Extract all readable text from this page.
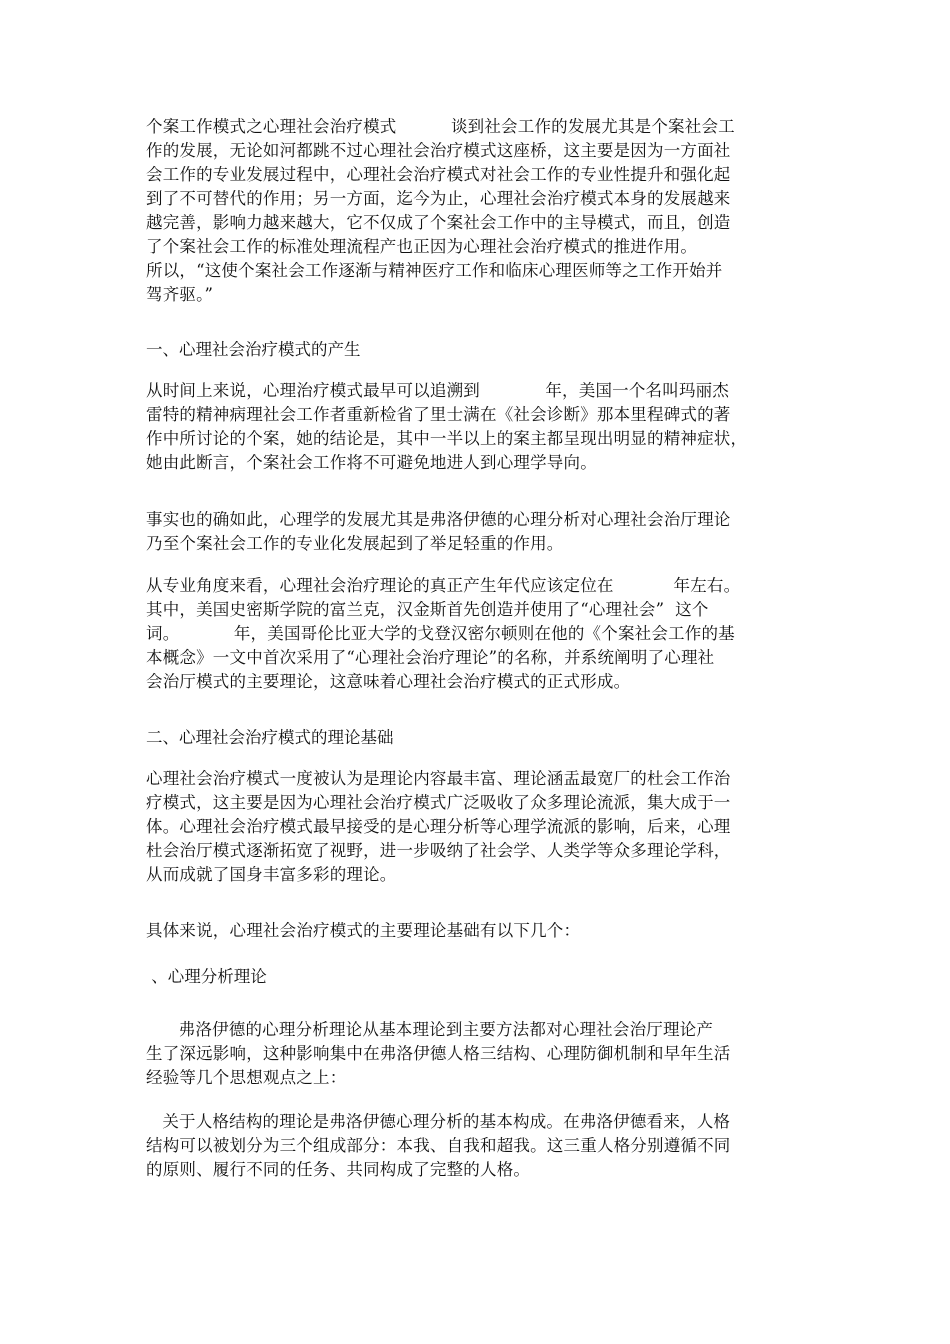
个案工作模式之心理社会治疗模式          谈到社会工作的发展尤其是个案社会工
作的发展，无论如河都跳不过心理社会治疗模式这座桥，这主要是因为一方面社
会工作的专业发展过程中，心理社会治疗模式对社会工作的专业性提升和强化起
到了不可替代的作用；另一方面，迄今为止，心理社会治疗模式本身的发展越来
越完善，影响力越来越大，它不仅成了个案社会工作中的主导模式，而且，创造
了个案社会工作的标准处理流程产也正因为心理社会治疗模式的推进作用。
所以，“这使个案社会工作逐渐与精神医疗工作和临床心理医师等之工作开始并
驾齐驱。”
一、心理社会治疗模式的产生
从时间上来说，心理治疗模式最早可以追溯到            年，美国一个名叫玛丽杰
雷特的精神病理社会工作者重新检省了里士满在《社会诊断》那本里程碑式的著
作中所讨论的个案，她的结论是，其中一半以上的案主都呈现出明显的精神症状，
她由此断言，个案社会工作将不可避免地进人到心理学导向。
事实也的确如此，心理学的发展尤其是弗洛伊德的心理分析对心理社会治厅理论
乃至个案社会工作的专业化发展起到了举足轻重的作用。
从专业角度来看，心理社会治疗理论的真正产生年代应该定位在           年左右。
其中，美国史密斯学院的富兰克，汉金斯首先创造并使用了“心理社会”  这个
词。          年，美国哥伦比亚大学的戈登汉密尔顿则在他的《个案社会工作的基
本概念》一文中首次采用了“心理社会治疗理论”的名称，并系统阐明了心理社
会治厅模式的主要理论，这意味着心理社会治疗模式的正式形成。
二、心理社会治疗模式的理论基础
心理社会治疗模式一度被认为是理论内容最丰富、理论涵盂最宽厂的杜会工作治
疗模式，这主要是因为心理社会治疗模式广泛吸收了众多理论流派，集大成于一
体。心理社会治疗模式最早接受的是心理分析等心理学流派的影响，后来，心理
杜会治厅模式逐渐拓宽了视野，进一步吸纳了社会学、人类学等众多理论学科，
从而成就了国身丰富多彩的理论。
具体来说，心理社会治疗模式的主要理论基础有以下几个：
、心理分析理论
弗洛伊德的心理分析理论从基本理论到主要方法都对心理社会治厅理论产
生了深远影响，这种影响集中在弗洛伊德人格三结构、心理防御机制和早年生活
经验等几个思想观点之上：
关于人格结构的理论是弗洛伊德心理分析的基本构成。在弗洛伊德看来，人格
结构可以被划分为三个组成部分：本我、自我和超我。这三重人格分别遵循不同
的原则、履行不同的任务、共同构成了完整的人格。
